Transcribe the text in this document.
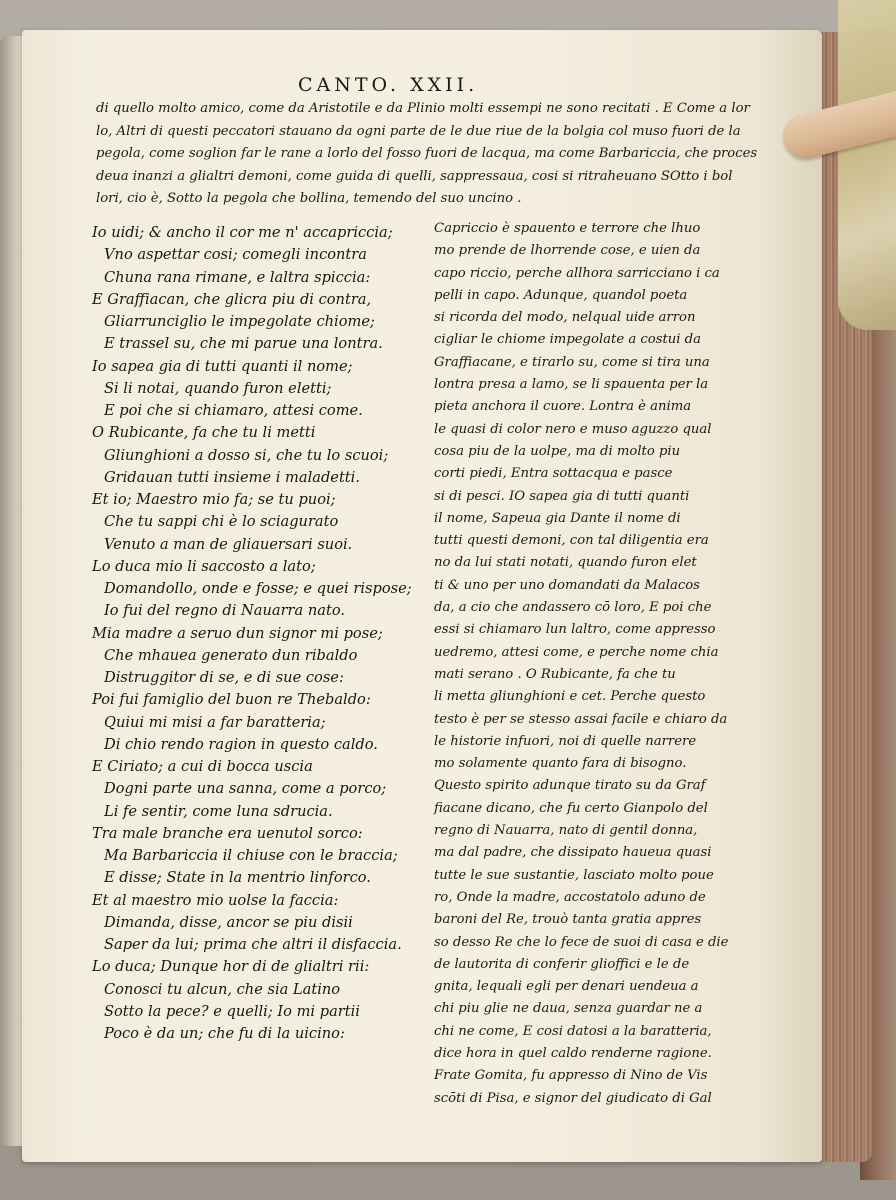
CANTO. XXII.
di quello molto amico, come da Aristotile e da Plinio molti essempi ne sono recitati . E Come a lor
lo, Altri di questi peccatori stauano da ogni parte de le due riue de la bolgia col muso fuori de la
pegola, come soglion far le rane a lorlo del fosso fuori de lacqua, ma come Barbariccia, che proces
deua inanzi a glialtri demoni, come guida di quelli, sappressaua, cosi si ritraheuano SOtto i bol
lori, cio è, Sotto la pegola che bollina, temendo del suo uncino .
Io uidi; & ancho il cor me n' accapriccia;
Vno aspettar cosi; comegli incontra
Chuna rana rimane, e laltra spiccia:
E Graffiacan, che glicra piu di contra,
Gliarrunciglio le impegolate chiome;
E trassel su, che mi parue una lontra.
Io sapea gia di tutti quanti il nome;
Si li notai, quando furon eletti;
E poi che si chiamaro, attesi come.
O Rubicante, fa che tu li metti
Gliunghioni a dosso si, che tu lo scuoi;
Gridauan tutti insieme i maladetti.
Et io; Maestro mio fa; se tu puoi;
Che tu sappi chi è lo sciagurato
Venuto a man de gliauersari suoi.
Lo duca mio li saccosto a lato;
Domandollo, onde e fosse; e quei rispose;
Io fui del regno di Nauarra nato.
Mia madre a seruo dun signor mi pose;
Che mhaueа generato dun ribaldo
Distruggitor di se, e di sue cose:
Poi fui famiglio del buon re Thebaldo:
Quiui mi misi a far baratteria;
Di chio rendo ragion in questo caldo.
E Ciriato; a cui di bocca uscia
Dogni parte una sanna, come a porco;
Li fe sentir, come luna sdrucia.
Tra male branche era uenutol sorco:
Ma Barbariccia il chiuse con le braccia;
E disse; State in la mentrio linforco.
Et al maestro mio uolse la faccia:
Dimanda, disse, ancor se piu disii
Saper da lui; prima che altri il disfaccia.
Lo duca; Dunque hor di de glialtri rii:
Conosci tu alcun, che sia Latino
Sotto la pece? e quelli; Io mi partii
Poco è da un; che fu di la uicino:
Capriccio è spauento e terrore che lhuo
mo prende de lhorrende cose, e uien da
capo riccio, perche allhora sarricciano i ca
pelli in capo. Adunque, quandol poeta
si ricorda del modo, nelqual uide arron
cigliar le chiome impegolate a costui da
Graffiacane, e tirarlo su, come si tira una
lontra presa a lamo, se li spauenta per la
pieta anchora il cuore. Lontra è anima
le quasi di color nero e muso aguzzo qual
cosa piu de la uolpe, ma di molto piu
corti piedi, Entra sottacqua e pasce
si di pesci. IO sapea gia di tutti quanti
il nome, Sapeua gia Dante il nome di
tutti questi demoni, con tal diligentia era
no da lui stati notati, quando furon elet
ti & uno per uno domandati da Malacos
da, a cio che andassero cō loro, E poi che
essi si chiamaro lun laltro, come appresso
uedremo, attesi come, e perche nome chia
mati serano . O Rubicante, fa che tu
li metta gliunghioni e cet. Perche questo
testo è per se stesso assai facile e chiaro da
le historie infuori, noi di quelle narrere
mo solamente quanto fara di bisogno.
Questo spirito adunque tirato su da Graf
fiacane dicano, che fu certo Gianpolo del
regno di Nauarra, nato di gentil donna,
ma dal padre, che dissipato haueua quasi
tutte le sue sustantie, lasciato molto poue
ro, Onde la madre, accostatolo aduno de
baroni del Re, trouò tanta gratia appres
so desso Re che lo fece de suoi di casa e die
de lautorita di conferir glioffici e le de
gnita, lequali egli per denari uendeua a
chi piu glie ne daua, senza guardar ne a
chi ne come, E cosi datosi a la baratteria,
dice hora in quel caldo renderne ragione.
Frate Gomita, fu appresso di Nino de Vis
scōti di Pisa, e signor del giudicato di Gal
